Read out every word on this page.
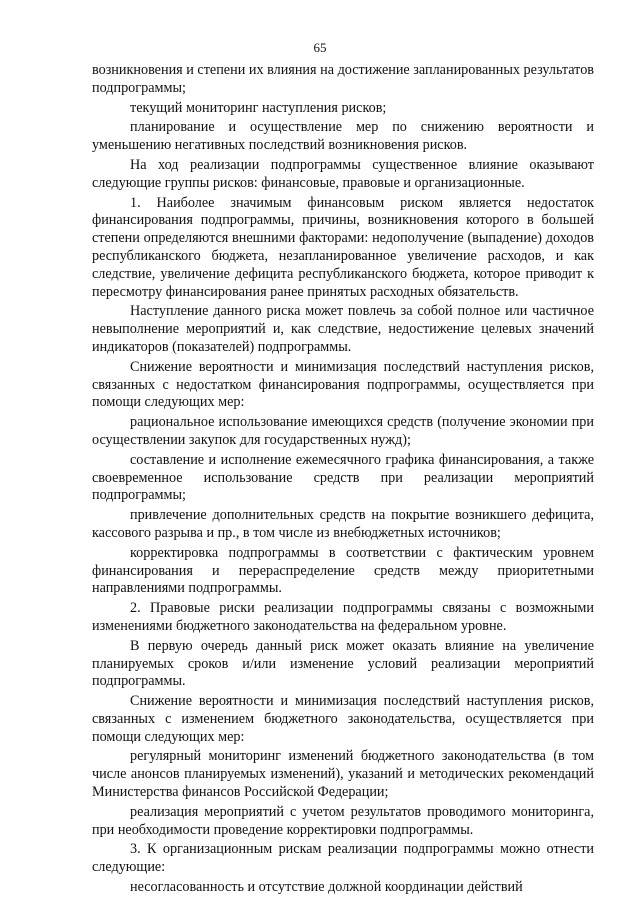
65

возникновения и степени их влияния на достижение запланированных результатов подпрограммы;

текущий мониторинг наступления рисков;

планирование и осуществление мер по снижению вероятности и уменьшению негативных последствий возникновения рисков.

На ход реализации подпрограммы существенное влияние оказывают следующие группы рисков: финансовые, правовые и организационные.

1. Наиболее значимым финансовым риском является недостаток финансирования подпрограммы, причины, возникновения которого в большей степени определяются внешними факторами: недополучение (выпадение) доходов республиканского бюджета, незапланированное увеличение расходов, и как следствие, увеличение дефицита республиканского бюджета, которое приводит к пересмотру финансирования ранее принятых расходных обязательств.

Наступление данного риска может повлечь за собой полное или частичное невыполнение мероприятий и, как следствие, недостижение целевых значений индикаторов (показателей) подпрограммы.

Снижение вероятности и минимизация последствий наступления рисков, связанных с недостатком финансирования подпрограммы, осуществляется при помощи следующих мер:

рациональное использование имеющихся средств (получение экономии при осуществлении закупок для государственных нужд);

составление и исполнение ежемесячного графика финансирования, а также своевременное использование средств при реализации мероприятий подпрограммы;

привлечение дополнительных средств на покрытие возникшего дефицита, кассового разрыва и пр., в том числе из внебюджетных источников;

корректировка подпрограммы в соответствии с фактическим уровнем финансирования и перераспределение средств между приоритетными направлениями подпрограммы.

2. Правовые риски реализации подпрограммы связаны с возможными изменениями бюджетного законодательства на федеральном уровне.

В первую очередь данный риск может оказать влияние на увеличение планируемых сроков и/или изменение условий реализации мероприятий подпрограммы.

Снижение вероятности и минимизация последствий наступления рисков, связанных с изменением бюджетного законодательства, осуществляется при помощи следующих мер:

регулярный мониторинг изменений бюджетного законодательства (в том числе анонсов планируемых изменений), указаний и методических рекомендаций Министерства финансов Российской Федерации;

реализация мероприятий с учетом результатов проводимого мониторинга, при необходимости проведение корректировки подпрограммы.

3. К организационным рискам реализации подпрограммы можно отнести следующие:

несогласованность и отсутствие должной координации действий
